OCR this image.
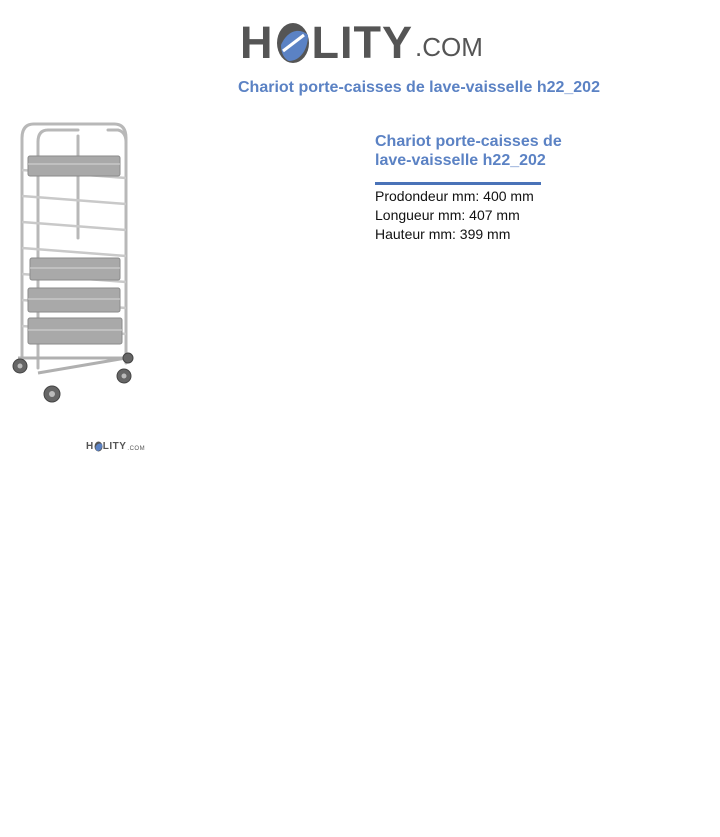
H LITY .COM
Chariot porte-caisses de lave-vaisselle h22_202
H LITY .COM
Chariot porte-caisses de
lave-vaisselle h22_202
Prodondeur mm: 400 mm
Longueur mm: 407 mm
Hauteur mm: 399 mm
